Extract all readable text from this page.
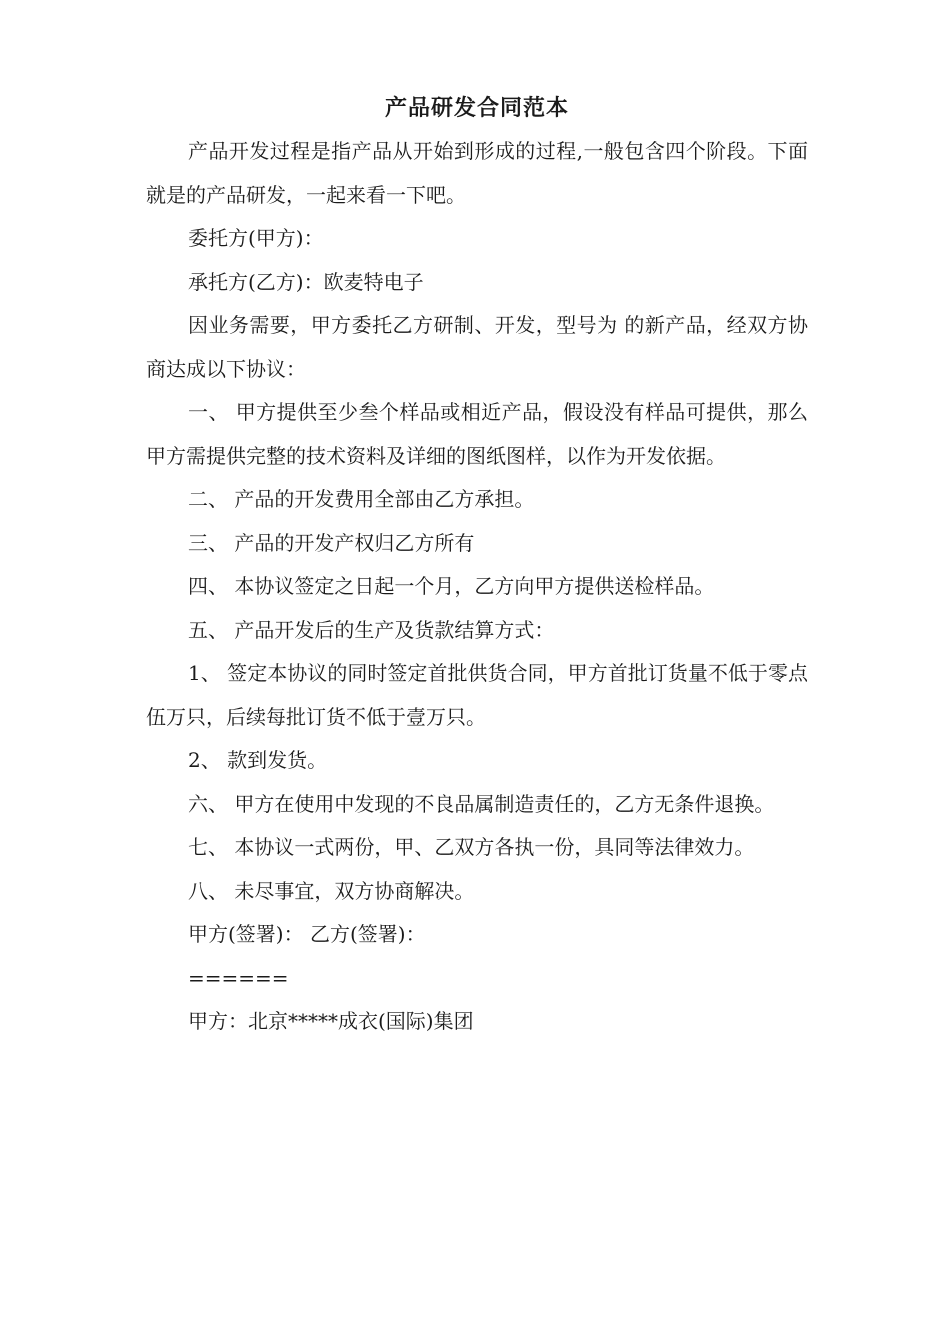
产品研发合同范本

产品开发过程是指产品从开始到形成的过程,一般包含四个阶段。下面就是的产品研发，一起来看一下吧。

委托方(甲方)：

承托方(乙方)：欧麦特电子

因业务需要，甲方委托乙方研制、开发，型号为 的新产品，经双方协商达成以下协议：

一、 甲方提供至少叁个样品或相近产品，假设没有样品可提供，那么甲方需提供完整的技术资料及详细的图纸图样，以作为开发依据。

二、 产品的开发费用全部由乙方承担。

三、 产品的开发产权归乙方所有

四、 本协议签定之日起一个月，乙方向甲方提供送检样品。

五、 产品开发后的生产及货款结算方式：

1、 签定本协议的同时签定首批供货合同，甲方首批订货量不低于零点伍万只，后续每批订货不低于壹万只。

2、 款到发货。

六、 甲方在使用中发现的不良品属制造责任的，乙方无条件退换。

七、 本协议一式两份，甲、乙双方各执一份，具同等法律效力。

八、 未尽事宜，双方协商解决。

甲方(签署)： 乙方(签署)：

======

甲方：北京*****成衣(国际)集团
